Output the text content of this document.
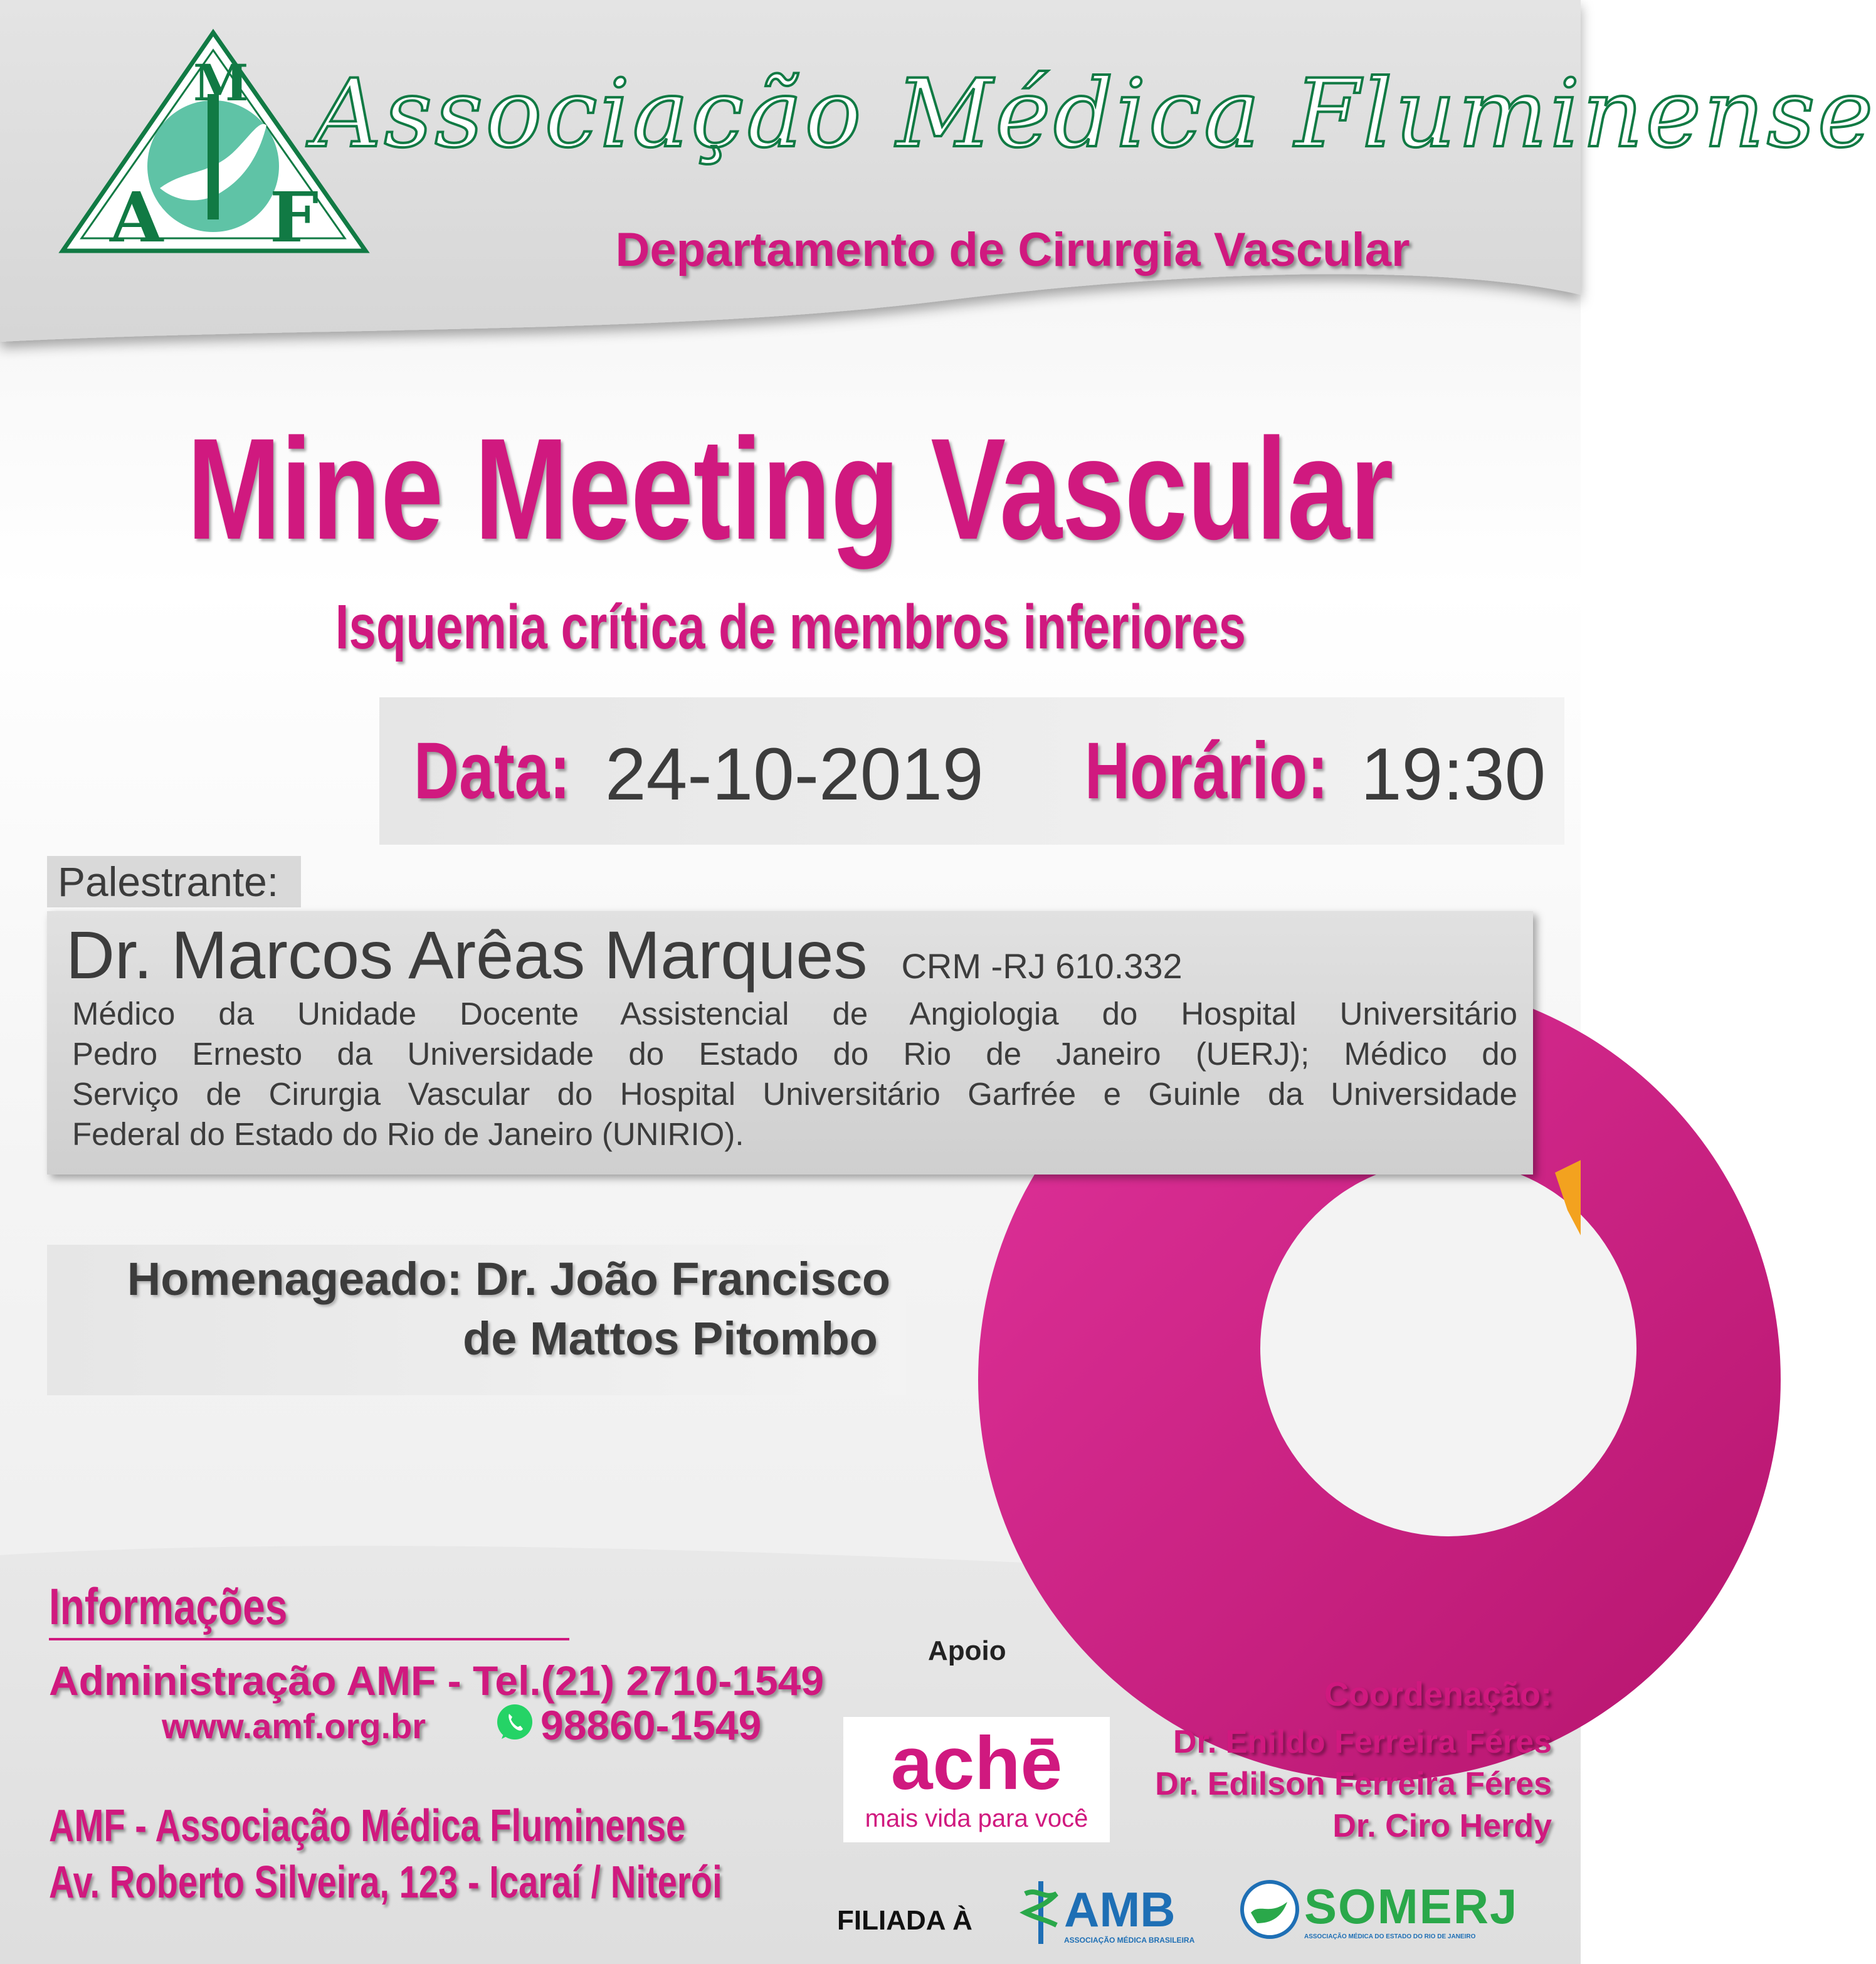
M
A F
Associação Médica Fluminense
Departamento de Cirurgia Vascular
Mine Meeting Vascular
Isquemia crítica de membros inferiores
Data: 24-10-2019 Horário: 19:30
Palestrante:
Dr. Marcos Arêas Marques CRM -RJ 610.332
Médico da Unidade Docente Assistencial de Angiologia do Hospital Universitário
Pedro Ernesto da Universidade do Estado do Rio de Janeiro (UERJ); Médico do
Serviço de Cirurgia Vascular do Hospital Universitário Garfrée e Guinle da Universidade
Federal do Estado do Rio de Janeiro (UNIRIO).
Homenageado: Dr. João Francisco
de Mattos Pitombo
Informações
Administração AMF - Tel.(21) 2710-1549
www.amf.org.br	98860-1549
AMF - Associação Médica Fluminense
Av. Roberto Silveira, 123 - Icaraí / Niterói
Apoio
achē
mais vida para você
Coordenação:
Dr. Enildo Ferreira Féres
Dr. Edilson Ferreira Féres
Dr. Ciro Herdy
FILIADA À AMB
ASSOCIAÇÃO MÉDICA BRASILEIRA
SOMERJ
ASSOCIAÇÃO MÉDICA DO ESTADO DO RIO DE JANEIRO
